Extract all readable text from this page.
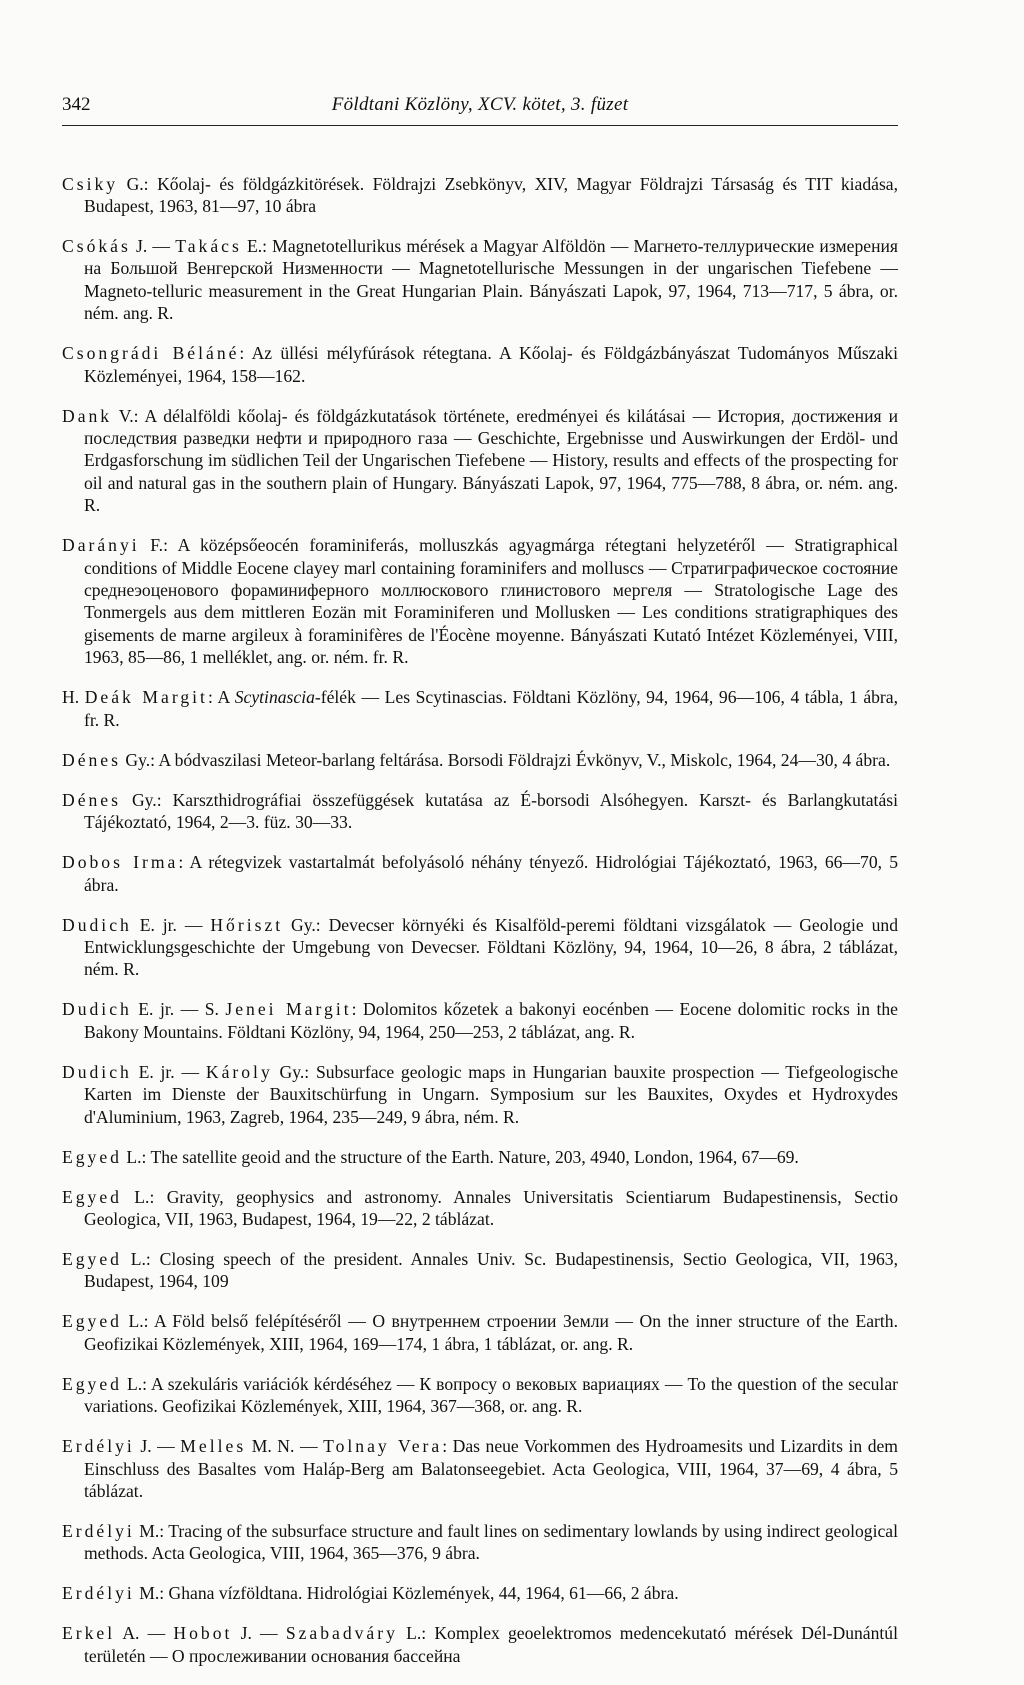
342	Földtani Közlöny, XCV. kötet, 3. füzet

Csiky G.: Kőolaj- és földgázkitörések. Földrajzi Zsebkönyv, XIV, Magyar Földrajzi Társaság és TIT kiadása, Budapest, 1963, 81—97, 10 ábra

Csókás J. — Takács E.: Magnetotellurikus mérések a Magyar Alföldön — Магнето-теллурические измерения на Большой Венгерской Низменности — Magnetotellurische Messungen in der ungarischen Tiefebene — Magneto-telluric measurement in the Great Hungarian Plain. Bányászati Lapok, 97, 1964, 713—717, 5 ábra, or. ném. ang. R.

Csongrádi Béláné: Az üllési mélyfúrások rétegtana. A Kőolaj- és Földgázbányászat Tudományos Műszaki Közleményei, 1964, 158—162.

Dank V.: A délalföldi kőolaj- és földgázkutatások története, eredményei és kilátásai — История, достижения и последствия разведки нефти и природного газа — Geschichte, Ergebnisse und Auswirkungen der Erdöl- und Erdgasforschung im südlichen Teil der Ungarischen Tiefebene — History, results and effects of the prospecting for oil and natural gas in the southern plain of Hungary. Bányászati Lapok, 97, 1964, 775—788, 8 ábra, or. ném. ang. R.

Darányi F.: A középsőeocén foraminiferás, molluszkás agyagmárga rétegtani helyzetéről — Stratigraphical conditions of Middle Eocene clayey marl containing foraminifers and molluscs — Стратиграфическое состояние среднеэоценового фораминиферного моллюскового глинистового мергеля — Stratologische Lage des Tonmergels aus dem mittleren Eozän mit Foraminiferen und Mollusken — Les conditions stratigraphiques des gisements de marne argileux à foraminifères de l'Éocène moyenne. Bányászati Kutató Intézet Közleményei, VIII, 1963, 85—86, 1 melléklet, ang. or. ném. fr. R.

H. Deák Margit: A Scytinascia-félék — Les Scytinascias. Földtani Közlöny, 94, 1964, 96—106, 4 tábla, 1 ábra, fr. R.

Dénes Gy.: A bódvaszilasi Meteor-barlang feltárása. Borsodi Földrajzi Évkönyv, V., Miskolc, 1964, 24—30, 4 ábra.

Dénes Gy.: Karszthidrográfiai összefüggések kutatása az É-borsodi Alsóhegyen. Karszt- és Barlangkutatási Tájékoztató, 1964, 2—3. füz. 30—33.

Dobos Irma: A rétegvizek vastartalmát befolyásoló néhány tényező. Hidrológiai Tájékoztató, 1963, 66—70, 5 ábra.

Dudich E. jr. — Hőriszt Gy.: Devecser környéki és Kisalföld-peremi földtani vizsgálatok — Geologie und Entwicklungsgeschichte der Umgebung von Devecser. Földtani Közlöny, 94, 1964, 10—26, 8 ábra, 2 táblázat, ném. R.

Dudich E. jr. — S. Jenei Margit: Dolomitos kőzetek a bakonyi eocénben — Eocene dolomitic rocks in the Bakony Mountains. Földtani Közlöny, 94, 1964, 250—253, 2 táblázat, ang. R.

Dudich E. jr. — Károly Gy.: Subsurface geologic maps in Hungarian bauxite prospection — Tiefgeologische Karten im Dienste der Bauxitschürfung in Ungarn. Symposium sur les Bauxites, Oxydes et Hydroxydes d'Aluminium, 1963, Zagreb, 1964, 235—249, 9 ábra, ném. R.

Egyed L.: The satellite geoid and the structure of the Earth. Nature, 203, 4940, London, 1964, 67—69.

Egyed L.: Gravity, geophysics and astronomy. Annales Universitatis Scientiarum Budapestinensis, Sectio Geologica, VII, 1963, Budapest, 1964, 19—22, 2 táblázat.

Egyed L.: Closing speech of the president. Annales Univ. Sc. Budapestinensis, Sectio Geologica, VII, 1963, Budapest, 1964, 109

Egyed L.: A Föld belső felépítéséről — О внутреннем строении Земли — On the inner structure of the Earth. Geofizikai Közlemények, XIII, 1964, 169—174, 1 ábra, 1 táblázat, or. ang. R.

Egyed L.: A szekuláris variációk kérdéséhez — К вопросу о вековых вариациях — To the question of the secular variations. Geofizikai Közlemények, XIII, 1964, 367—368, or. ang. R.

Erdélyi J. — Melles M. N. — Tolnay Vera: Das neue Vorkommen des Hydroamesits und Lizardits in dem Einschluss des Basaltes vom Haláp-Berg am Balatonseegebiet. Acta Geologica, VIII, 1964, 37—69, 4 ábra, 5 táblázat.

Erdélyi M.: Tracing of the subsurface structure and fault lines on sedimentary lowlands by using indirect geological methods. Acta Geologica, VIII, 1964, 365—376, 9 ábra.

Erdélyi M.: Ghana vízföldtana. Hidrológiai Közlemények, 44, 1964, 61—66, 2 ábra.

Erkel A. — Hobot J. — Szabadváry L.: Komplex geoelektromos medencekutató mérések Dél-Dunántúl területén — О прослеживании основания бассейна
